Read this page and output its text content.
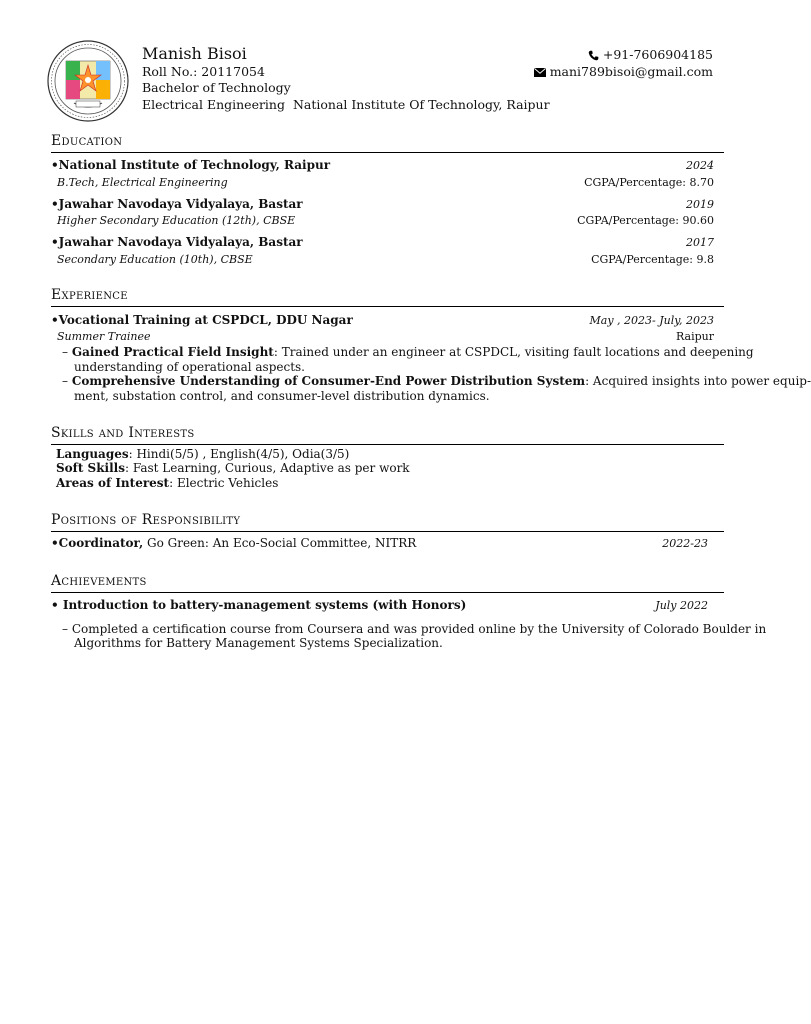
Manish Bisoi
Roll No.: 20117054
Bachelor of Technology
Electrical Engineering National Institute Of Technology, Raipur
+91-7606904185
mani789bisoi@gmail.com
Education
•National Institute of Technology, Raipur	2024
B.Tech, Electrical Engineering	CGPA/Percentage: 8.70
•Jawahar Navodaya Vidyalaya, Bastar	2019
Higher Secondary Education (12th), CBSE	CGPA/Percentage: 90.60
•Jawahar Navodaya Vidyalaya, Bastar	2017
Secondary Education (10th), CBSE	CGPA/Percentage: 9.8
Experience
•Vocational Training at CSPDCL, DDU Nagar	May , 2023- July, 2023
Summer Trainee	Raipur
– Gained Practical Field Insight: Trained under an engineer at CSPDCL, visiting fault locations and deepening
understanding of operational aspects.
– Comprehensive Understanding of Consumer-End Power Distribution System: Acquired insights into power equip-
ment, substation control, and consumer-level distribution dynamics.
Skills and Interests
Languages: Hindi(5/5) , English(4/5), Odia(3/5)
Soft Skills: Fast Learning, Curious, Adaptive as per work
Areas of Interest: Electric Vehicles
Positions of Responsibility
•Coordinator, Go Green: An Eco-Social Committee, NITRR	2022-23
Achievements
• Introduction to battery-management systems (with Honors)	July 2022
– Completed a certification course from Coursera and was provided online by the University of Colorado Boulder in
Algorithms for Battery Management Systems Specialization.
